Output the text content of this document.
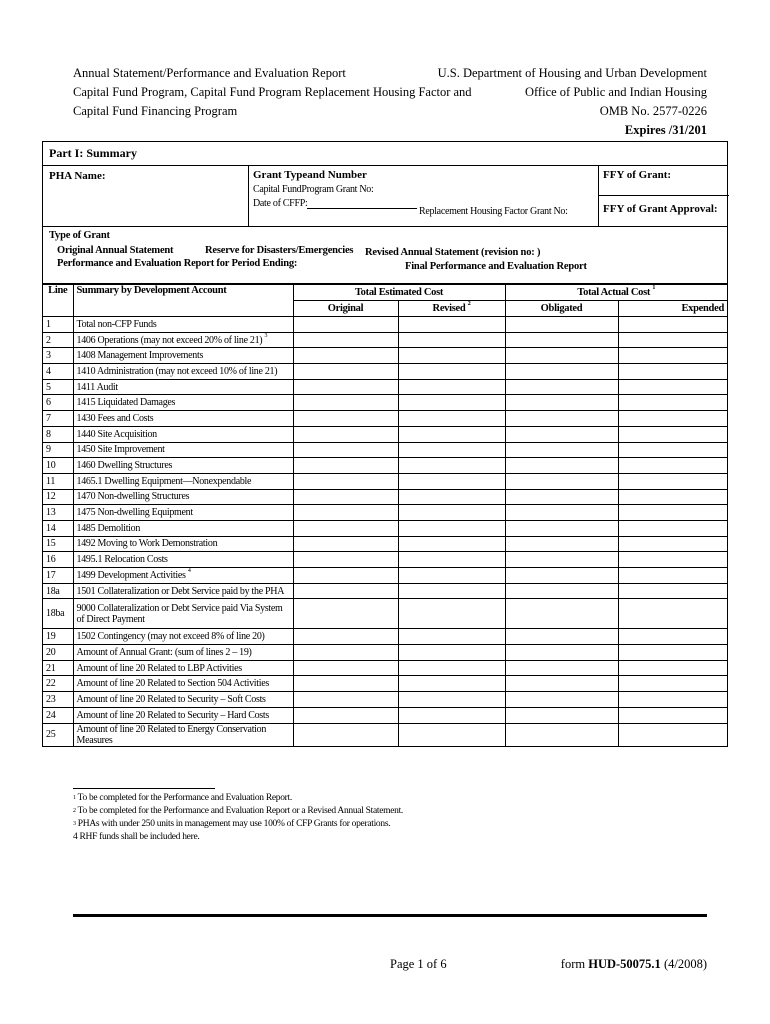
Annual Statement/Performance and Evaluation Report
Capital Fund Program, Capital Fund Program Replacement Housing Factor and
Capital Fund Financing Program
U.S. Department of Housing and Urban Development
Office of Public and Indian Housing
OMB No. 2577-0226
Expires /31/201
Part I: Summary
PHA Name:	Grant Typeand Number
Capital FundProgram Grant No:
Date of CFFP:
Replacement Housing Factor Grant No:
FFY of Grant:
FFY of Grant Approval:
Type of Grant
Original Annual Statement	Reserve for Disasters/Emergencies Revised Annual Statement (revision no: )
Performance and Evaluation Report for Period Ending:	Final Performance and Evaluation Report
Line	Summary by Development Account	Total Estimated Cost		Total Actual Cost $^1$
		Original	Revised $^2$	Obligated	Expended
1	Total non-CFP Funds				
2	1406 Operations (may not exceed 20% of line 21) $^3$				
3	1408 Management Improvements				
4	1410 Administration (may not exceed 10% of line 21)				
5	1411 Audit				
6	1415 Liquidated Damages				
7	1430 Fees and Costs				
8	1440 Site Acquisition				
9	1450 Site Improvement				
10	1460 Dwelling Structures				
11	1465.1 Dwelling Equipment—Nonexpendable				
12	1470 Non-dwelling Structures				
13	1475 Non-dwelling Equipment				
14	1485 Demolition				
15	1492 Moving to Work Demonstration				
16	1495.1 Relocation Costs				
17	1499 Development Activities $^4$				
18a	1501 Collateralization or Debt Service paid by the PHA				
18ba	9000 Collateralization or Debt Service paid Via System of Direct Payment				
19	1502 Contingency (may not exceed 8% of line 20)				
20	Amount of Annual Grant: (sum of lines 2 – 19)				
21	Amount of line 20 Related to LBP Activities				
22	Amount of line 20 Related to Section 504 Activities				
23	Amount of line 20 Related to Security – Soft Costs				
24	Amount of line 20 Related to Security – Hard Costs				
25	Amount of line 20 Related to Energy Conservation Measures				
$^1$ To be completed for the Performance and Evaluation Report.
$^2$ To be completed for the Performance and Evaluation Report or a Revised Annual Statement.
$^3$ PHAs with under 250 units in management may use 100% of CFP Grants for operations.
4 RHF funds shall be included here.
Page 1 of 6	form HUD-50075.1 (4/2008)
